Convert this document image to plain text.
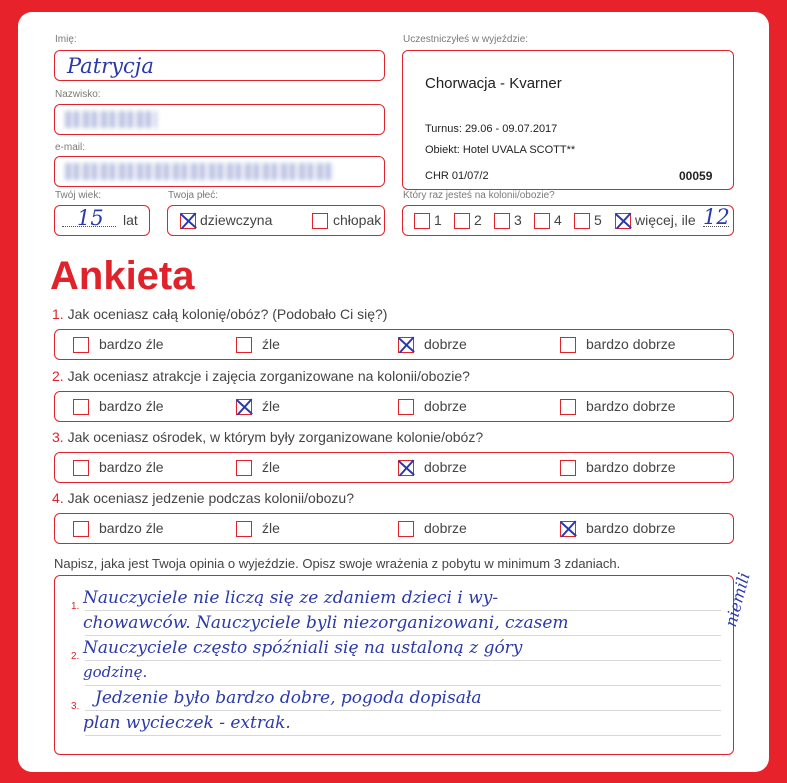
Imię:
Patrycja
Nazwisko:
e-mail:
Twój wiek:
15 lat
Twoja płeć:
dziewczyna	chłopak
Uczestniczyłeś w wyjeździe:
Chorwacja - Kvarner
Turnus: 29.06 - 09.07.2017
Obiekt: Hotel UVALA SCOTT**
CHR 01/07/2	00059
Który raz jesteś na kolonii/obozie?
1 2 3 4 5 więcej, ile 12
Ankieta
1. Jak oceniasz całą kolonię/obóz? (Podobało Ci się?)
bardzo źle	źle	dobrze	bardzo dobrze
2. Jak oceniasz atrakcje i zajęcia zorganizowane na kolonii/obozie?
bardzo źle	źle	dobrze	bardzo dobrze
3. Jak oceniasz ośrodek, w którym były zorganizowane kolonie/obóz?
bardzo źle	źle	dobrze	bardzo dobrze
4. Jak oceniasz jedzenie podczas kolonii/obozu?
bardzo źle	źle	dobrze	bardzo dobrze
Napisz, jaka jest Twoja opinia o wyjeździe. Opisz swoje wrażenia z pobytu w minimum 3 zdaniach.
1.
2.
3.
Nauczyciele nie liczą się ze zdaniem dzieci i wy-
chowawców. Nauczyciele byli niezorganizowani, czasem
Nauczyciele często spóźniali się na ustaloną z góry
godzinę.
Jedzenie było bardzo dobre, pogoda dopisała
plan wycieczek - extrak.
niemili
